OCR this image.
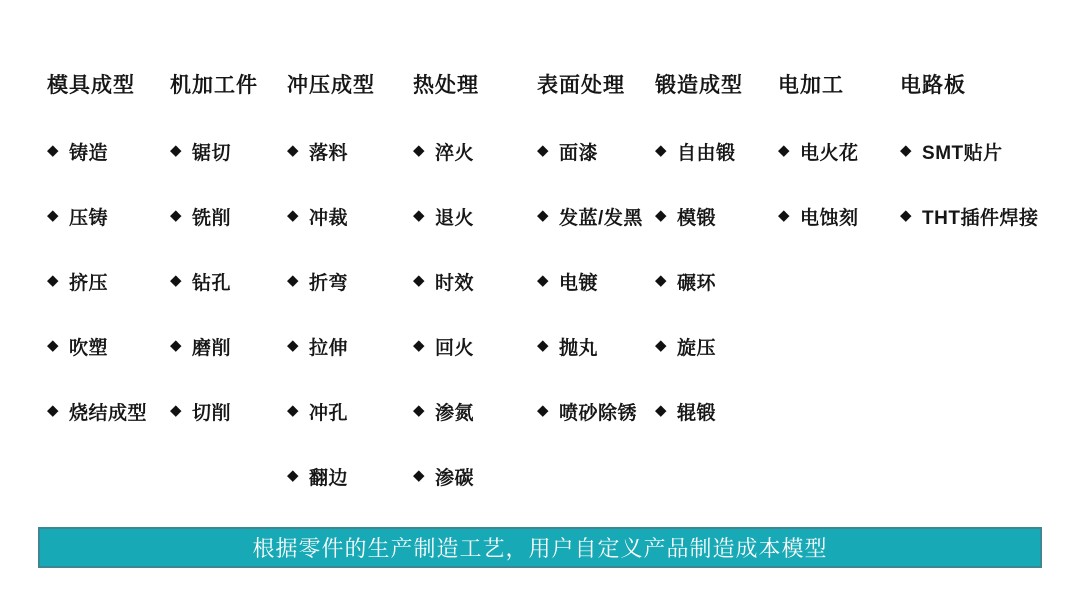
模具成型
◆ 铸造
◆ 压铸
◆ 挤压
◆ 吹塑
◆ 烧结成型
机加工件
◆ 锯切
◆ 铣削
◆ 钻孔
◆ 磨削
◆ 切削
冲压成型
◆ 落料
◆ 冲裁
◆ 折弯
◆ 拉伸
◆ 冲孔
◆ 翻边
热处理
◆ 淬火
◆ 退火
◆ 时效
◆ 回火
◆ 渗氮
◆ 渗碳
表面处理
◆ 面漆
◆ 发蓝/发黑
◆ 电镀
◆ 抛丸
◆ 喷砂除锈
锻造成型
◆ 自由锻
◆ 模锻
◆ 碾环
◆ 旋压
◆ 辊锻
电加工
◆ 电火花
◆ 电蚀刻
电路板
◆ SMT贴片
◆ THT插件焊接
根据零件的生产制造工艺，用户自定义产品制造成本模型
